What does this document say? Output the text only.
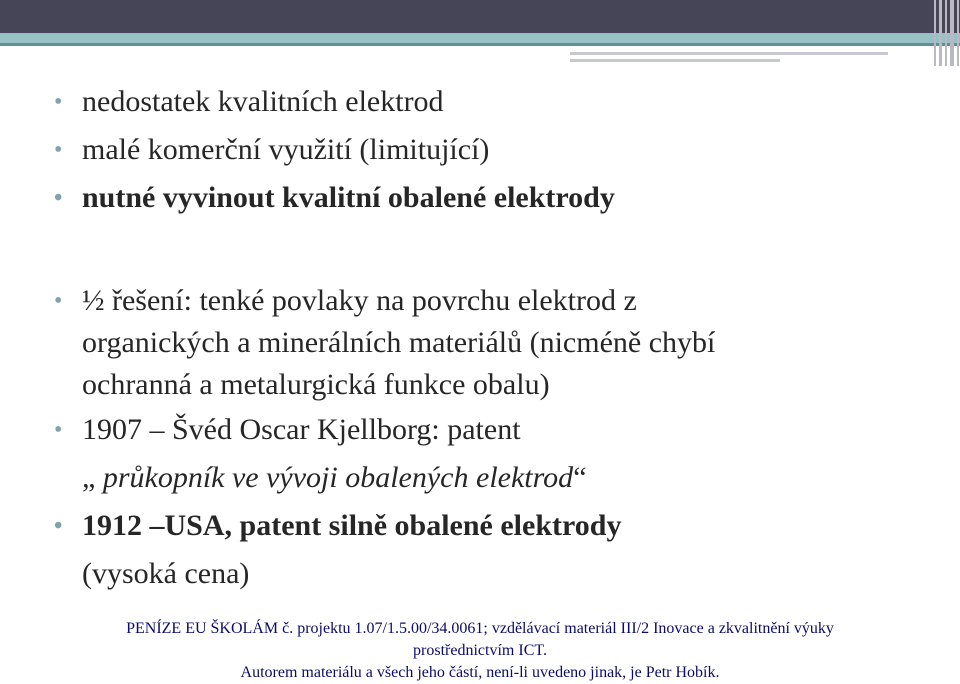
• nedostatek kvalitních elektrod

• malé komerční využití (limitující)

• nutné vyvinout kvalitní obalené elektrody

• ½ řešení: tenké povlaky na povrchu elektrod z
organických a minerálních materiálů (nicméně chybí
ochranná a metalurgická funkce obalu)

• 1907 – Švéd Oscar Kjellborg: patent

„ průkopník ve vývoji obalených elektrod“

• 1912 –USA, patent silně obalené elektrody

(vysoká cena)

PENÍZE EU ŠKOLÁM č. projektu 1.07/1.5.00/34.0061; vzdělávací materiál III/2 Inovace a zkvalitnění výuky
prostřednictvím ICT.
Autorem materiálu a všech jeho částí, není-li uvedeno jinak, je Petr Hobík.
